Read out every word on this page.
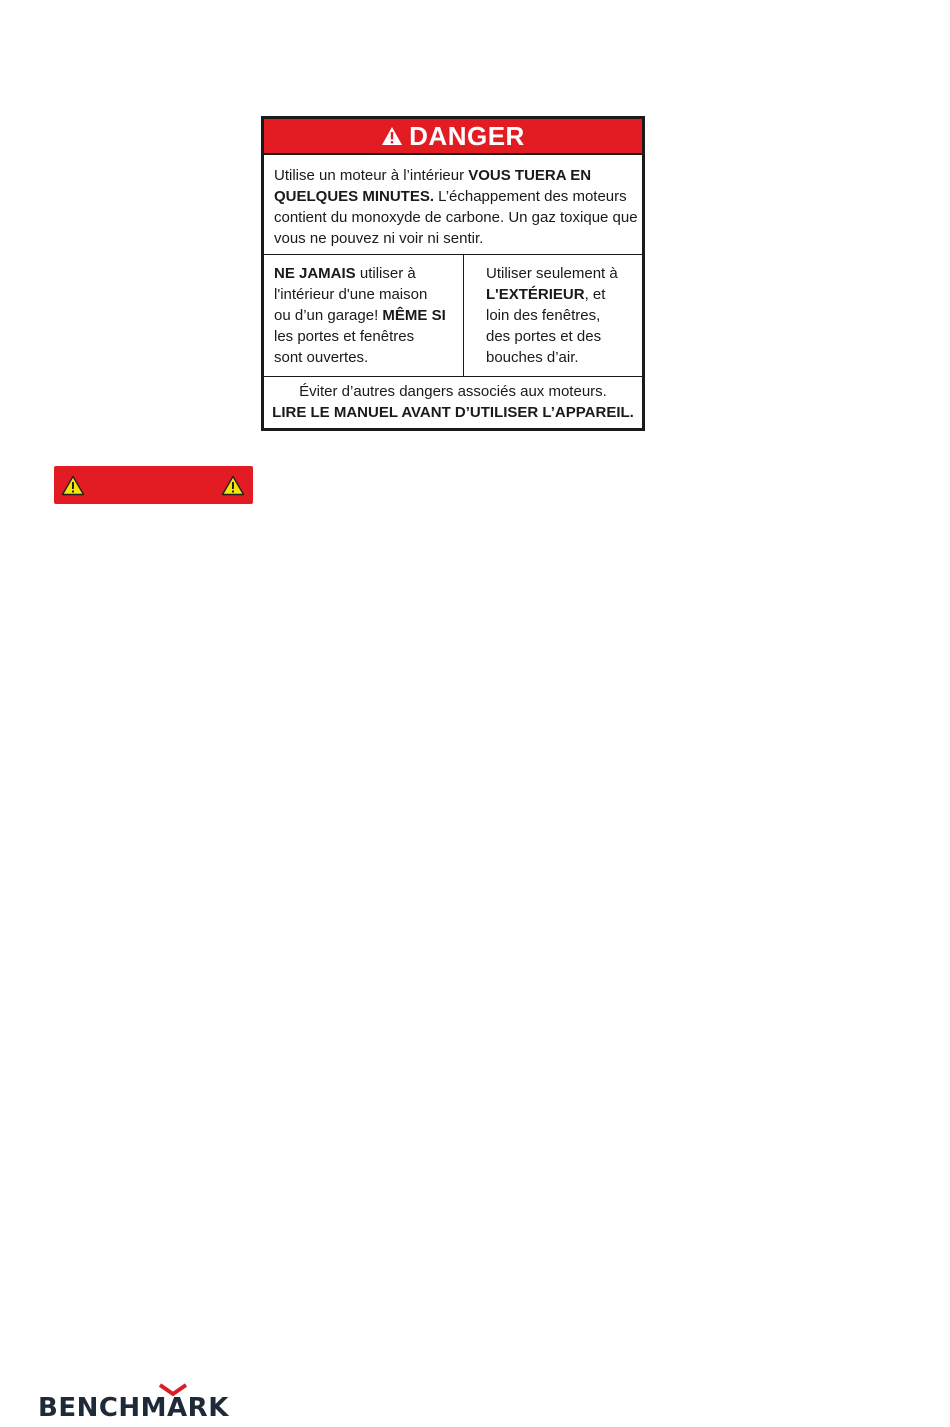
DANGER
Utilise un moteur à l’intérieur VOUS TUERA EN
QUELQUES MINUTES. L’échappement des moteurs
contient du monoxyde de carbone. Un gaz toxique que
vous ne pouvez ni voir ni sentir.
NE JAMAIS utiliser à
l'intérieur d'une maison
ou d’un garage! MÊME SI
les portes et fenêtres
sont ouvertes.
Utiliser seulement à
L'EXTÉRIEUR, et
loin des fenêtres,
des portes et des
bouches d’air.
Éviter d’autres dangers associés aux moteurs.
LIRE LE MANUEL AVANT D’UTILISER L’APPAREIL.
BENCHMARK
